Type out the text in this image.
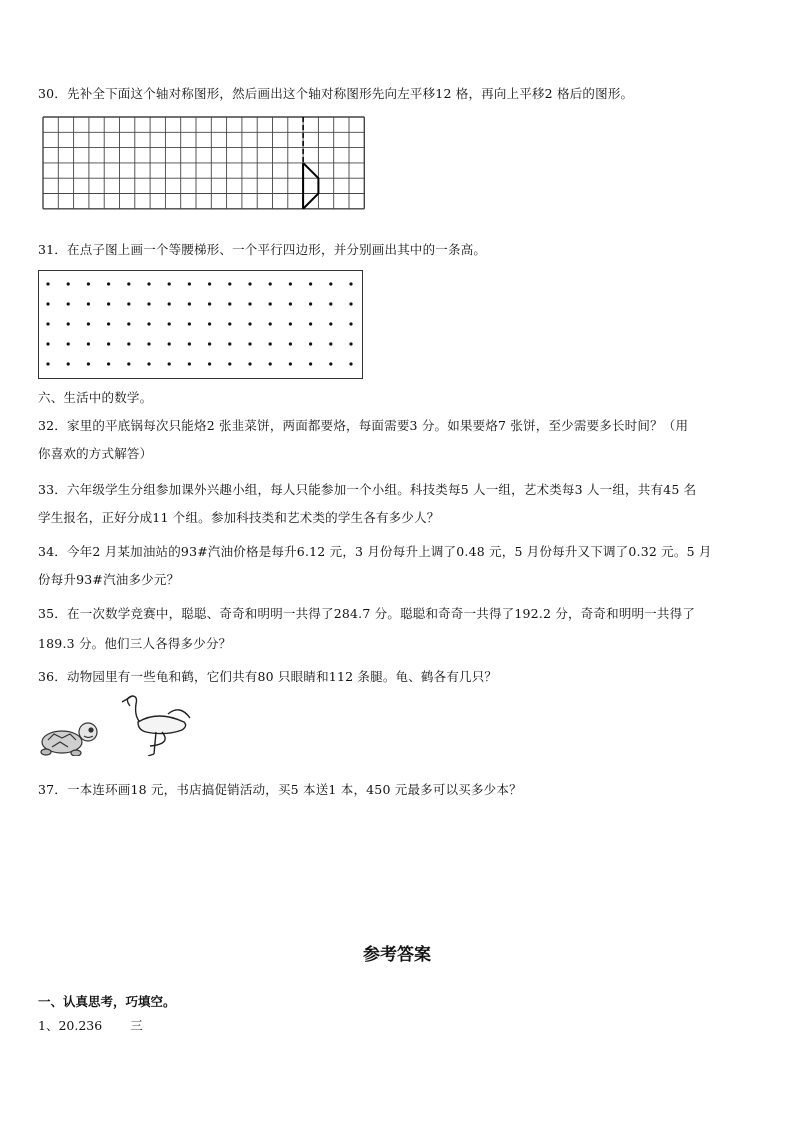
30．先补全下面这个轴对称图形，然后画出这个轴对称图形先向左平移12 格，再向上平移2 格后的图形。
31．在点子图上画一个等腰梯形、一个平行四边形，并分别画出其中的一条高。
六、生活中的数学。
32．家里的平底锅每次只能烙2 张韭菜饼，两面都要烙，每面需要3 分。如果要烙7 张饼，至少需要多长时间？（用
你喜欢的方式解答）
33．六年级学生分组参加课外兴趣小组，每人只能参加一个小组。科技类每5 人一组，艺术类每3 人一组，共有45 名
学生报名，正好分成11 个组。参加科技类和艺术类的学生各有多少人？
34．今年2 月某加油站的93#汽油价格是每升6.12 元，3 月份每升上调了0.48 元，5 月份每升又下调了0.32 元。5 月
份每升93#汽油多少元？
35．在一次数学竞赛中，聪聪、奇奇和明明一共得了284.7 分。聪聪和奇奇一共得了192.2 分，奇奇和明明一共得了
189.3 分。他们三人各得多少分？
36．动物园里有一些龟和鹤，它们共有80 只眼睛和112 条腿。龟、鹤各有几只？
37．一本连环画18 元，书店搞促销活动，买5 本送1 本，450 元最多可以买多少本？
参考答案
一、认真思考，巧填空。
1、20.236 三
